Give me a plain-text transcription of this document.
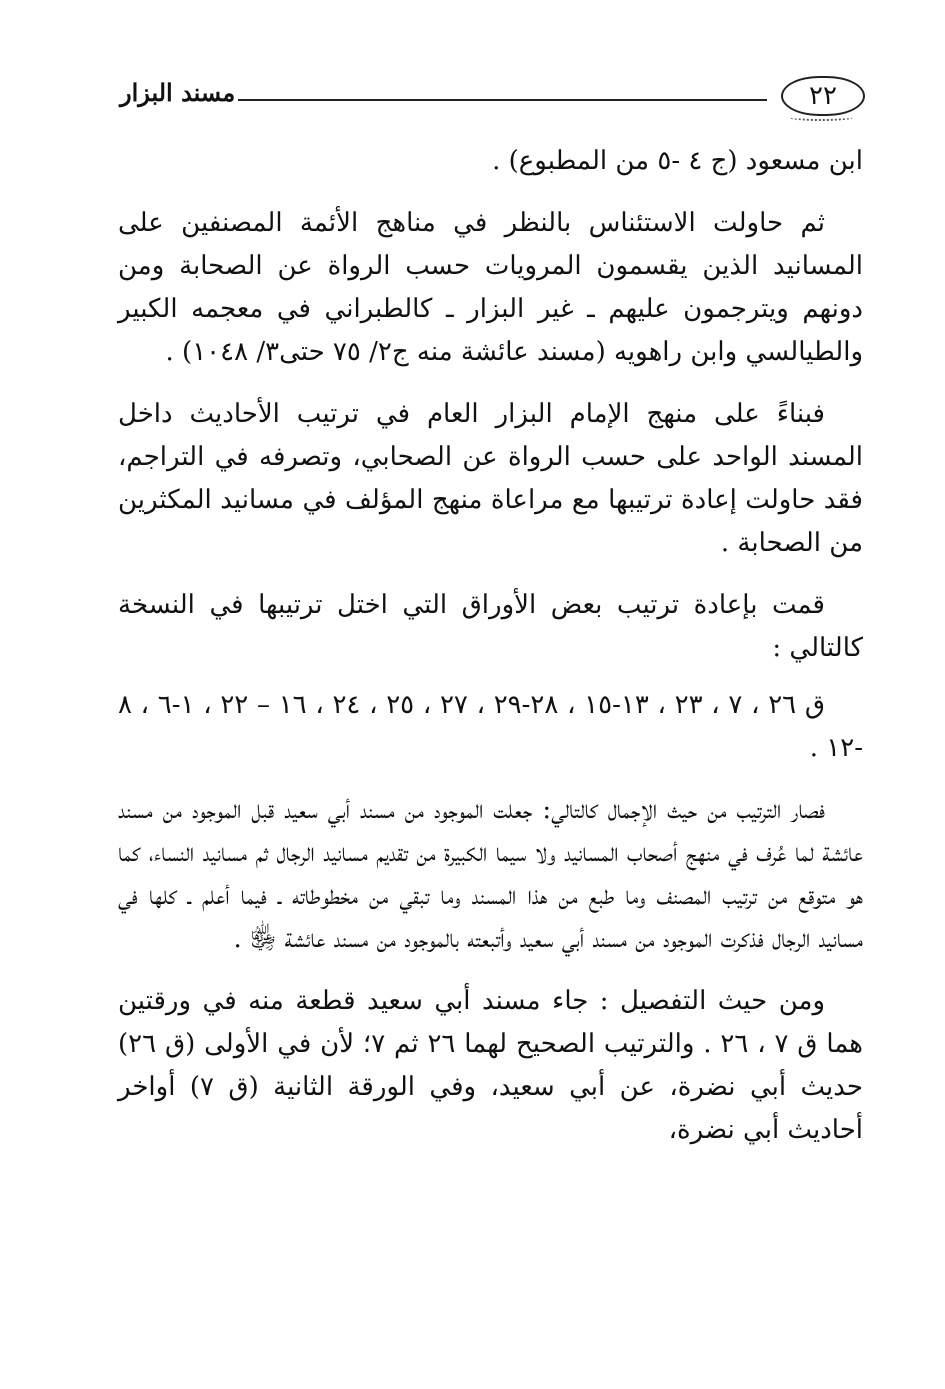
٢٢
مسند البزار

ابن مسعود (ج ٤ -٥ من المطبوع) .

ثم حاولت الاستئناس بالنظر في مناهج الأئمة المصنفين على المسانيد الذين يقسمون المرويات حسب الرواة عن الصحابة ومن دونهم ويترجمون عليهم ـ غير البزار ـ كالطبراني في معجمه الكبير والطيالسي وابن راهويه (مسند عائشة منه ج٢/ ٧٥ حتى٣/ ١٠٤٨) .

فبناءً على منهج الإمام البزار العام في ترتيب الأحاديث داخل المسند الواحد على حسب الرواة عن الصحابي، وتصرفه في التراجم، فقد حاولت إعادة ترتيبها مع مراعاة منهج المؤلف في مسانيد المكثرين من الصحابة .

قمت بإعادة ترتيب بعض الأوراق التي اختل ترتيبها في النسخة كالتالي :

ق ٢٦ ، ٧ ، ٢٣ ، ١٣-١٥ ، ٢٨-٢٩ ، ٢٧ ، ٢٥ ، ٢٤ ، ١٦ – ٢٢ ، ١-٦ ، ٨ -١٢ .

فصار الترتيب من حيث الإجمال كالتالي: جعلت الموجود من مسند أبي سعيد قبل الموجود من مسند عائشة لما عُرف في منهج أصحاب المسانيد ولا سيما الكبيرة من تقديم مسانيد الرجال ثم مسانيد النساء، كما هو متوقع من ترتيب المصنف وما طبع من هذا المسند وما تبقي من مخطوطاته ـ فيما أعلم ـ كلها في مسانيد الرجال فذكرت الموجود من مسند أبي سعيد وأتبعته بالموجود من مسند عائشة ﵂ .

ومن حيث التفصيل : جاء مسند أبي سعيد قطعة منه في ورقتين هما ق ٧ ، ٢٦ . والترتيب الصحيح لهما ٢٦ ثم ٧؛ لأن في الأولى (ق ٢٦) حديث أبي نضرة، عن أبي سعيد، وفي الورقة الثانية (ق ٧) أواخر أحاديث أبي نضرة،
